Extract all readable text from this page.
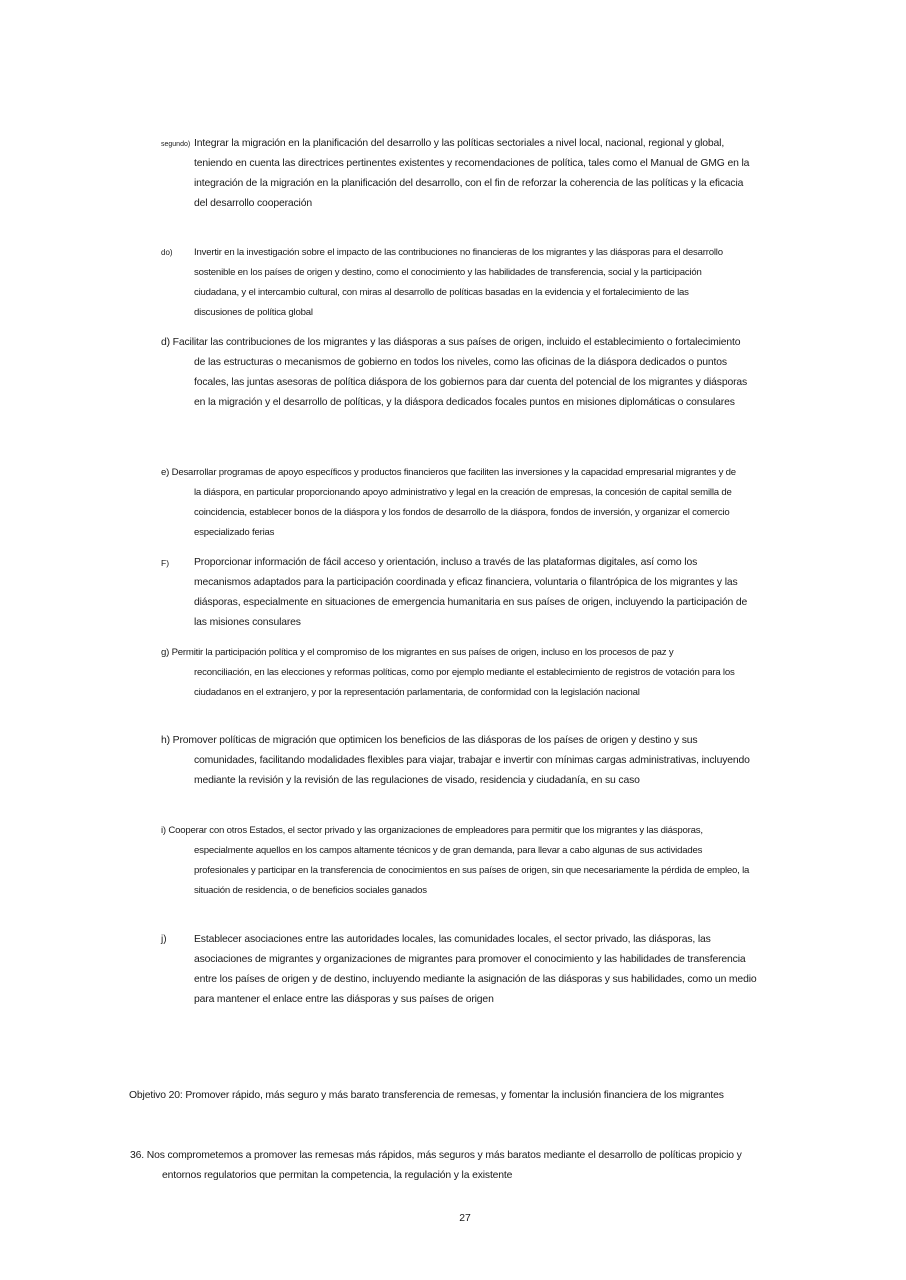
segundo) Integrar la migración en la planificación del desarrollo y las políticas sectoriales a nivel local, nacional, regional y global,
teniendo en cuenta las directrices pertinentes existentes y recomendaciones de política, tales como el Manual de GMG en la
integración de la migración en la planificación del desarrollo, con el fin de reforzar la coherencia de las políticas y la eficacia
del desarrollo cooperación
do) Invertir en la investigación sobre el impacto de las contribuciones no financieras de los migrantes y las diásporas para el desarrollo
sostenible en los países de origen y destino, como el conocimiento y las habilidades de transferencia, social y la participación
ciudadana, y el intercambio cultural, con miras al desarrollo de políticas basadas en la evidencia y el fortalecimiento de las
discusiones de política global
d) Facilitar las contribuciones de los migrantes y las diásporas a sus países de origen, incluido el establecimiento o fortalecimiento
de las estructuras o mecanismos de gobierno en todos los niveles, como las oficinas de la diáspora dedicados o puntos
focales, las juntas asesoras de política diáspora de los gobiernos para dar cuenta del potencial de los migrantes y diásporas
en la migración y el desarrollo de políticas, y la diáspora dedicados focales puntos en misiones diplomáticas o consulares
e) Desarrollar programas de apoyo específicos y productos financieros que faciliten las inversiones y la capacidad empresarial migrantes y de
la diáspora, en particular proporcionando apoyo administrativo y legal en la creación de empresas, la concesión de capital semilla de
coincidencia, establecer bonos de la diáspora y los fondos de desarrollo de la diáspora, fondos de inversión, y organizar el comercio
especializado ferias
F) Proporcionar información de fácil acceso y orientación, incluso a través de las plataformas digitales, así como los
mecanismos adaptados para la participación coordinada y eficaz financiera, voluntaria o filantrópica de los migrantes y las
diásporas, especialmente en situaciones de emergencia humanitaria en sus países de origen, incluyendo la participación de
las misiones consulares
g) Permitir la participación política y el compromiso de los migrantes en sus países de origen, incluso en los procesos de paz y
reconciliación, en las elecciones y reformas políticas, como por ejemplo mediante el establecimiento de registros de votación para los
ciudadanos en el extranjero, y por la representación parlamentaria, de conformidad con la legislación nacional
h) Promover políticas de migración que optimicen los beneficios de las diásporas de los países de origen y destino y sus
comunidades, facilitando modalidades flexibles para viajar, trabajar e invertir con mínimas cargas administrativas, incluyendo
mediante la revisión y la revisión de las regulaciones de visado, residencia y ciudadanía, en su caso
i) Cooperar con otros Estados, el sector privado y las organizaciones de empleadores para permitir que los migrantes y las diásporas,
especialmente aquellos en los campos altamente técnicos y de gran demanda, para llevar a cabo algunas de sus actividades
profesionales y participar en la transferencia de conocimientos en sus países de origen, sin que necesariamente la pérdida de empleo, la
situación de residencia, o de beneficios sociales ganados
j)	Establecer asociaciones entre las autoridades locales, las comunidades locales, el sector privado, las diásporas, las
asociaciones de migrantes y organizaciones de migrantes para promover el conocimiento y las habilidades de transferencia
entre los países de origen y de destino, incluyendo mediante la asignación de las diásporas y sus habilidades, como un medio
para mantener el enlace entre las diásporas y sus países de origen
Objetivo 20: Promover rápido, más seguro y más barato transferencia de remesas, y fomentar la inclusión financiera de los migrantes
36. Nos comprometemos a promover las remesas más rápidos, más seguros y más baratos mediante el desarrollo de políticas propicio y
entornos regulatorios que permitan la competencia, la regulación y la existente
27
